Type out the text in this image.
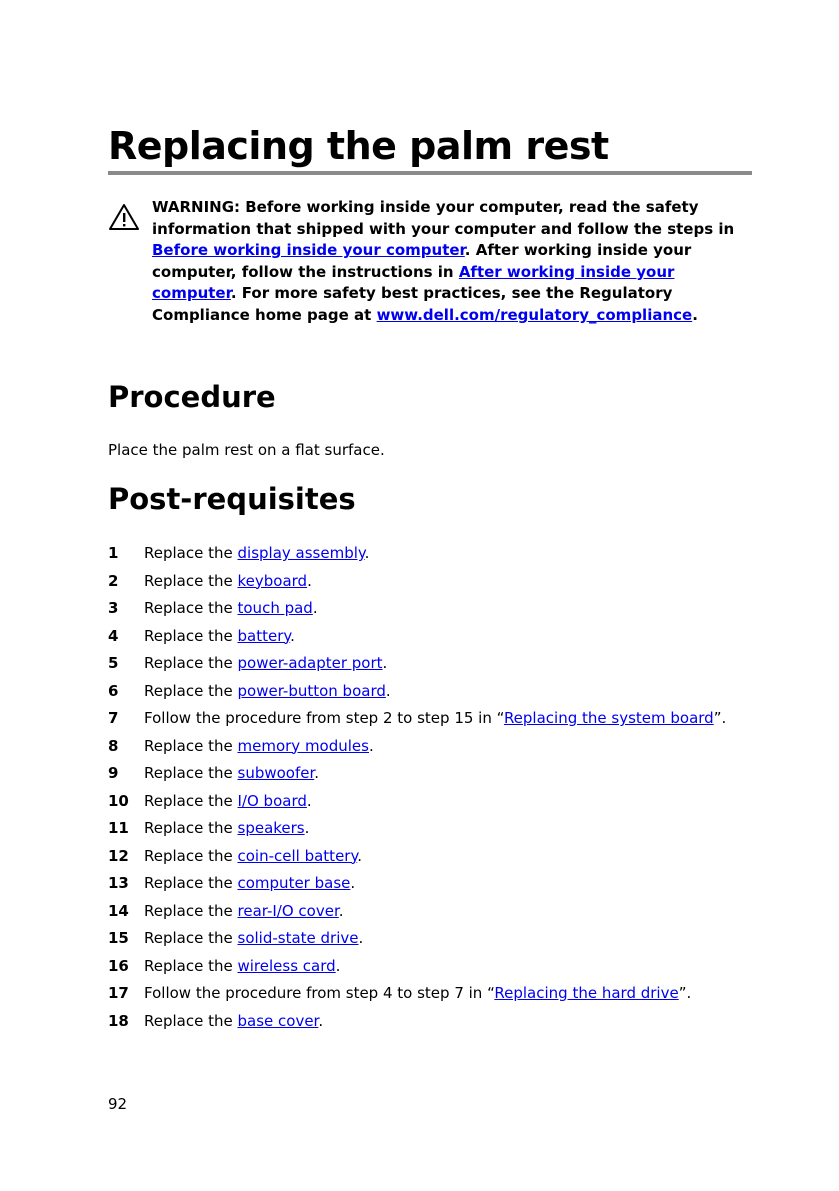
Replacing the palm rest
WARNING: Before working inside your computer, read the safety information that shipped with your computer and follow the steps in Before working inside your computer. After working inside your computer, follow the instructions in After working inside your computer. For more safety best practices, see the Regulatory Compliance home page at www.dell.com/regulatory_compliance.
Procedure

Place the palm rest on a flat surface.

Post-requisites
1 Replace the display assembly.
2 Replace the keyboard.
3 Replace the touch pad.
4 Replace the battery.
5 Replace the power-adapter port.
6 Replace the power-button board.
7 Follow the procedure from step 2 to step 15 in “Replacing the system board”.
8 Replace the memory modules.
9 Replace the subwoofer.
10 Replace the I/O board.
11 Replace the speakers.
12 Replace the coin-cell battery.
13 Replace the computer base.
14 Replace the rear-I/O cover.
15 Replace the solid-state drive.
16 Replace the wireless card.
17 Follow the procedure from step 4 to step 7 in “Replacing the hard drive”.
18 Replace the base cover.
92
